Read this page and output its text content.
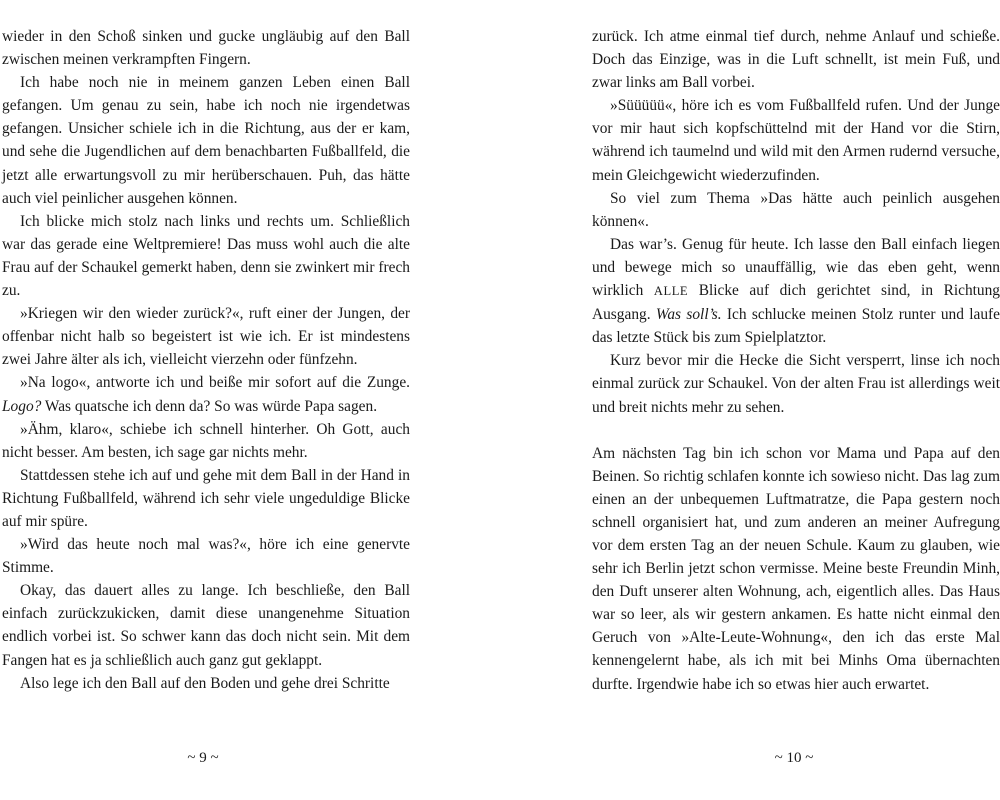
wieder in den Schoß sinken und gucke ungläubig auf den Ball zwischen meinen verkrampften Fingern.

Ich habe noch nie in meinem ganzen Leben einen Ball gefangen. Um genau zu sein, habe ich noch nie irgendetwas gefangen. Unsicher schiele ich in die Richtung, aus der er kam, und sehe die Jugendlichen auf dem benachbarten Fußballfeld, die jetzt alle erwartungsvoll zu mir herüberschauen. Puh, das hätte auch viel peinlicher ausgehen können.

Ich blicke mich stolz nach links und rechts um. Schließlich war das gerade eine Weltpremiere! Das muss wohl auch die alte Frau auf der Schaukel gemerkt haben, denn sie zwinkert mir frech zu.

»Kriegen wir den wieder zurück?«, ruft einer der Jungen, der offenbar nicht halb so begeistert ist wie ich. Er ist mindestens zwei Jahre älter als ich, vielleicht vierzehn oder fünfzehn.

»Na logo«, antworte ich und beiße mir sofort auf die Zunge. Logo? Was quatsche ich denn da? So was würde Papa sagen.

»Ähm, klaro«, schiebe ich schnell hinterher. Oh Gott, auch nicht besser. Am besten, ich sage gar nichts mehr.

Stattdessen stehe ich auf und gehe mit dem Ball in der Hand in Richtung Fußballfeld, während ich sehr viele ungeduldige Blicke auf mir spüre.

»Wird das heute noch mal was?«, höre ich eine genervte Stimme.

Okay, das dauert alles zu lange. Ich beschließe, den Ball einfach zurückzukicken, damit diese unangenehme Situation endlich vorbei ist. So schwer kann das doch nicht sein. Mit dem Fangen hat es ja schließlich auch ganz gut geklappt.

Also lege ich den Ball auf den Boden und gehe drei Schritte

zurück. Ich atme einmal tief durch, nehme Anlauf und schieße. Doch das Einzige, was in die Luft schnellt, ist mein Fuß, und zwar links am Ball vorbei.

»Süüüüü«, höre ich es vom Fußballfeld rufen. Und der Junge vor mir haut sich kopfschüttelnd mit der Hand vor die Stirn, während ich taumelnd und wild mit den Armen rudernd versuche, mein Gleichgewicht wiederzufinden.

So viel zum Thema »Das hätte auch peinlich ausgehen können«.

Das war’s. Genug für heute. Ich lasse den Ball einfach liegen und bewege mich so unauffällig, wie das eben geht, wenn wirklich ALLE Blicke auf dich gerichtet sind, in Richtung Ausgang. Was soll’s. Ich schlucke meinen Stolz runter und laufe das letzte Stück bis zum Spielplatztor.

Kurz bevor mir die Hecke die Sicht versperrt, linse ich noch einmal zurück zur Schaukel. Von der alten Frau ist allerdings weit und breit nichts mehr zu sehen.

Am nächsten Tag bin ich schon vor Mama und Papa auf den Beinen. So richtig schlafen konnte ich sowieso nicht. Das lag zum einen an der unbequemen Luftmatratze, die Papa gestern noch schnell organisiert hat, und zum anderen an meiner Aufregung vor dem ersten Tag an der neuen Schule. Kaum zu glauben, wie sehr ich Berlin jetzt schon vermisse. Meine beste Freundin Minh, den Duft unserer alten Wohnung, ach, eigentlich alles. Das Haus war so leer, als wir gestern ankamen. Es hatte nicht einmal den Geruch von »Alte-Leute-Wohnung«, den ich das erste Mal kennengelernt habe, als ich mit bei Minhs Oma übernachten durfte. Irgendwie habe ich so etwas hier auch erwartet.

~ 9 ~	~ 10 ~
